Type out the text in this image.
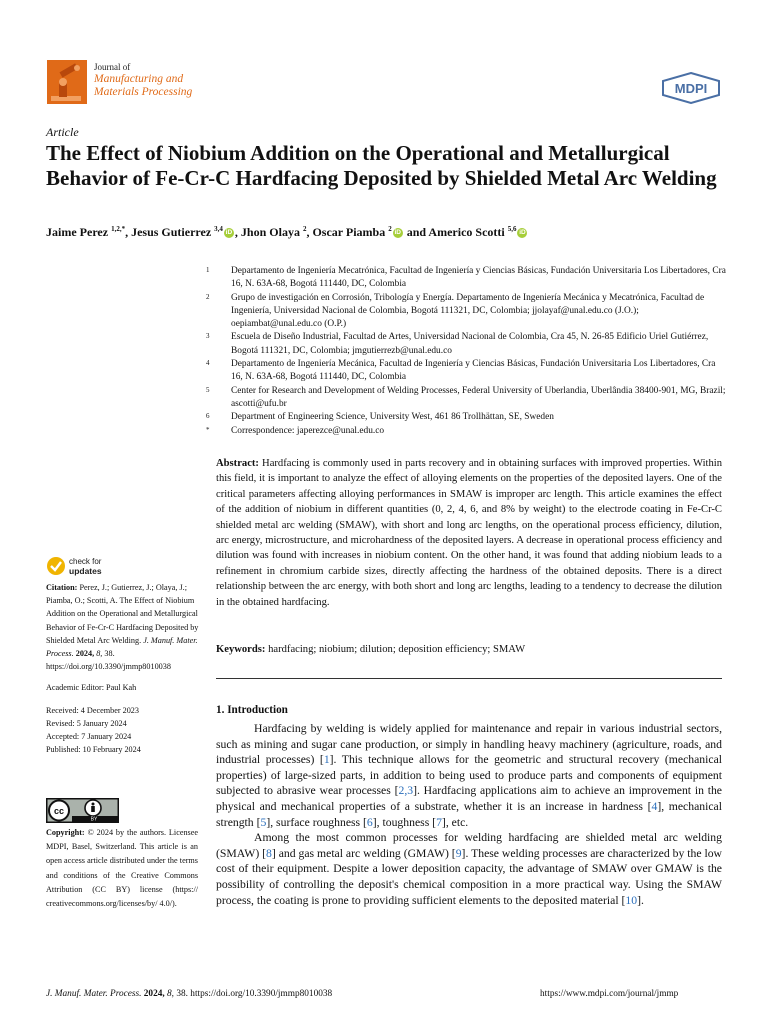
Journal of
Manufacturing and
Materials Processing	MDPI
Article
The Effect of Niobium Addition on the Operational and Metallurgical Behavior of Fe-Cr-C Hardfacing Deposited by Shielded Metal Arc Welding
Jaime Perez $^{1,2,*}$, Jesus Gutierrez $^{3,4}$ iD , Jhon Olaya $^2$, Oscar Piamba $^2$ iD and Americo Scotti $^{5,6}$ iD
1	Departamento de Ingeniería Mecatrónica, Facultad de Ingeniería y Ciencias Básicas, Fundación Universitaria Los Libertadores, Cra 16, N. 63A-68, Bogotá 111440, DC, Colombia
2	Grupo de investigación en Corrosión, Tribología y Energía. Departamento de Ingeniería Mecánica y Mecatrónica, Facultad de Ingeniería, Universidad Nacional de Colombia, Bogotá 111321, DC, Colombia; jjolayaf@unal.edu.co (J.O.); oepiambat@unal.edu.co (O.P.)
3	Escuela de Diseño Industrial, Facultad de Artes, Universidad Nacional de Colombia, Cra 45, N. 26-85 Edificio Uriel Gutiérrez, Bogotá 111321, DC, Colombia; jmgutierrezb@unal.edu.co
4	Departamento de Ingeniería Mecánica, Facultad de Ingeniería y Ciencias Básicas, Fundación Universitaria Los Libertadores, Cra 16, N. 63A-68, Bogotá 111440, DC, Colombia
5	Center for Research and Development of Welding Processes, Federal University of Uberlandia, Uberlândia 38400-901, MG, Brazil; ascotti@ufu.br
6	Department of Engineering Science, University West, 461 86 Trollhättan, SE, Sweden
*	Correspondence: japerezce@unal.edu.co

Abstract: Hardfacing is commonly used in parts recovery and in obtaining surfaces with improved properties. Within this field, it is important to analyze the effect of alloying elements on the properties of the deposited layers. One of the critical parameters affecting alloying performances in SMAW is improper arc length. This article examines the effect of the addition of niobium in different quantities (0, 2, 4, 6, and 8% by weight) to the electrode coating in Fe-Cr-C shielded metal arc welding (SMAW), with short and long arc lengths, on the operational process efficiency, dilution, arc energy, microstructure, and microhardness of the deposited layers. A decrease in operational process efficiency and dilution was found with increases in niobium content. On the other hand, it was found that adding niobium leads to a refinement in chromium carbide sizes, directly affecting the hardness of the obtained deposits. There is a direct relationship between the arc energy, with both short and long arc lengths, leading to a tendency to decrease the dilution in the obtained hardfacing.

Keywords: hardfacing; niobium; dilution; deposition efficiency; SMAW

check for
updates

Citation: Perez, J.; Gutierrez, J.; Olaya, J.; Piamba, O.; Scotti, A. The Effect of Niobium Addition on the Operational and Metallurgical Behavior of Fe-Cr-C Hardfacing Deposited by Shielded Metal Arc Welding. J. Manuf. Mater. Process. 2024, 8, 38. https://doi.org/10.3390/jmmp8010038

Academic Editor: Paul Kah

Received: 4 December 2023

Revised: 5 January 2024

Accepted: 7 January 2024

Published: 10 February 2024

cc
BY
Copyright: © 2024 by the authors. Licensee MDPI, Basel, Switzerland. This article is an open access article distributed under the terms and conditions of the Creative Commons Attribution (CC BY) license (https:// creativecommons.org/licenses/by/ 4.0/).
1. Introduction

Hardfacing by welding is widely applied for maintenance and repair in various industrial sectors, such as mining and sugar cane production, or simply in handling heavy machinery (agriculture, roads, and industrial processes) [1]. This technique allows for the geometric and structural recovery (mechanical properties) of large-sized parts, in addition to being used to produce parts and components of equipment subjected to abrasive wear processes [2,3]. Hardfacing applications aim to achieve an improvement in the physical and mechanical properties of a substrate, whether it is an increase in hardness [4], mechanical strength [5], surface roughness [6], toughness [7], etc.

Among the most common processes for welding hardfacing are shielded metal arc welding (SMAW) [8] and gas metal arc welding (GMAW) [9]. These welding processes are characterized by the low cost of their equipment. Despite a lower deposition capacity, the advantage of SMAW over GMAW is the possibility of controlling the deposit's chemical composition in a more practical way. Using the SMAW process, the coating is prone to providing sufficient elements to the deposited material [10].

J. Manuf. Mater. Process. 2024, 8, 38. https://doi.org/10.3390/jmmp8010038	https://www.mdpi.com/journal/jmmp
